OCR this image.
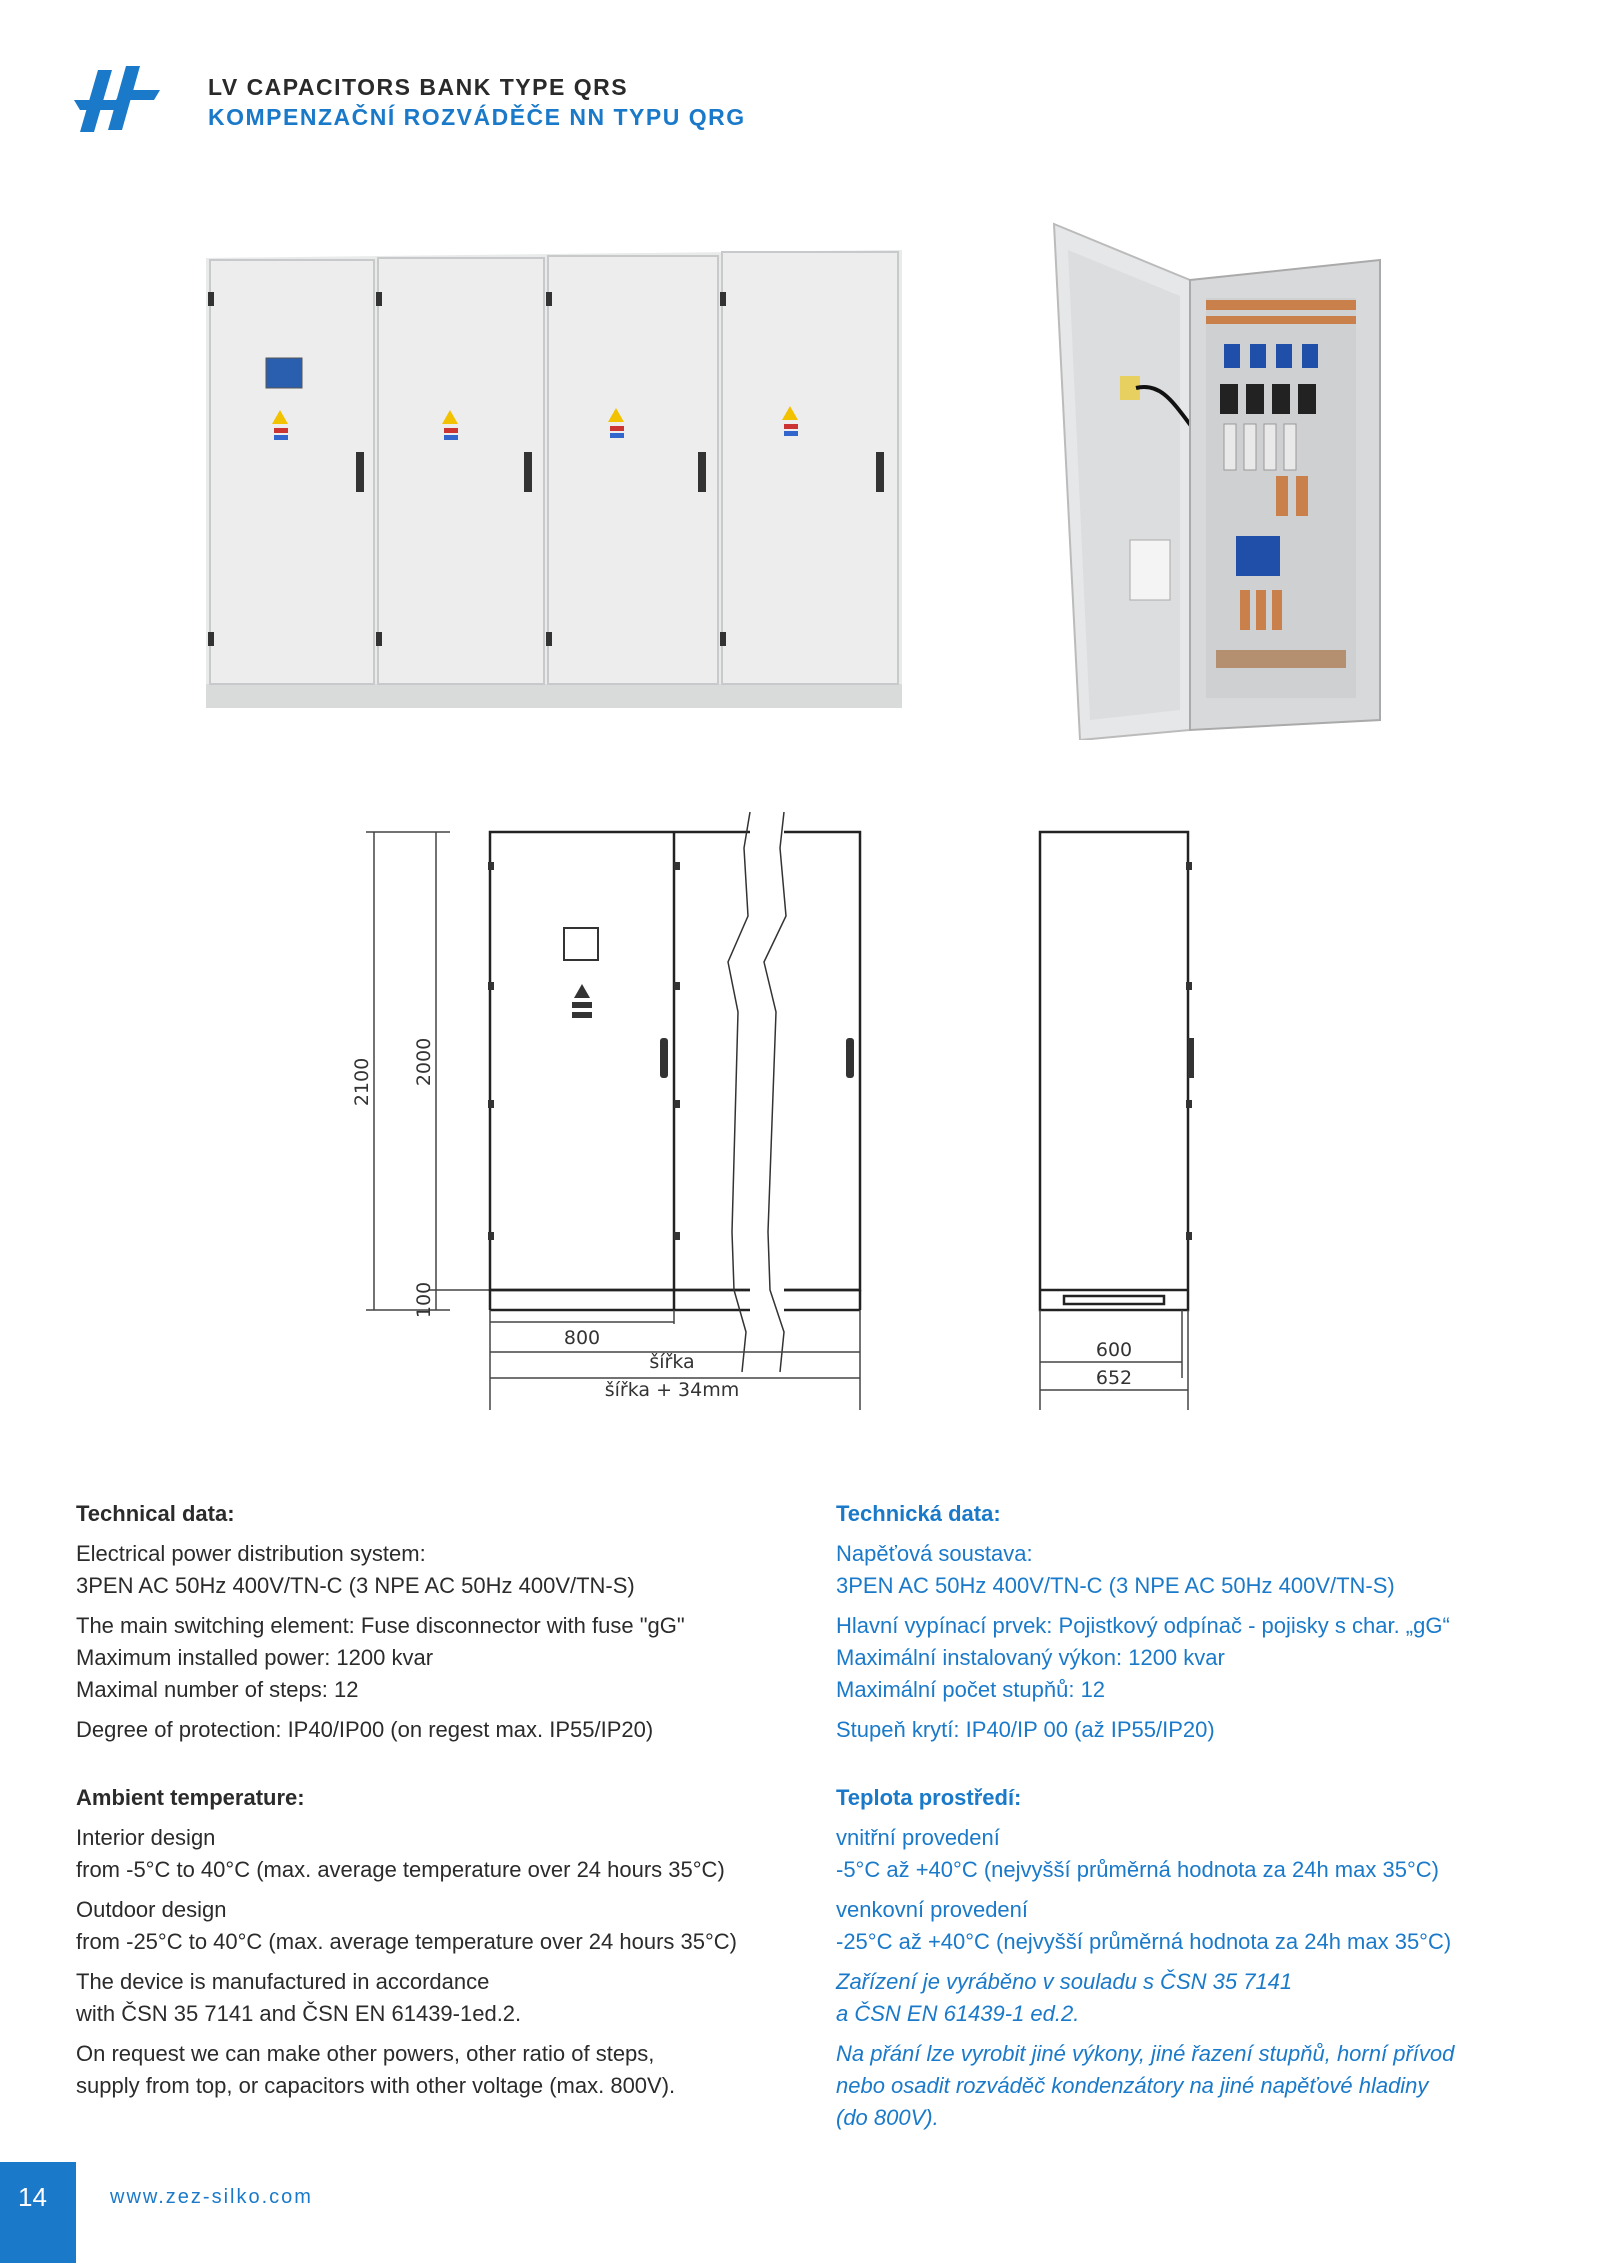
LV CAPACITORS BANK TYPE QRS
KOMPENZAČNÍ ROZVÁDĚČE NN TYPU QRG
2100 2000
100
800
šířka
šířka + 34mm
600
652
Technical data:

Electrical power distribution system:
3PEN AC 50Hz 400V/TN-C (3 NPE AC 50Hz 400V/TN-S)

The main switching element: Fuse disconnector with fuse "gG"
Maximum installed power: 1200 kvar
Maximal number of steps: 12

Degree of protection: IP40/IP00 (on regest max. IP55/IP20)

Ambient temperature:

Interior design
from -5°C to 40°C (max. average temperature over 24 hours 35°C)

Outdoor design
from -25°C to 40°C (max. average temperature over 24 hours 35°C)

The device is manufactured in accordance
with ČSN 35 7141 and ČSN EN 61439-1ed.2.

On request we can make other powers, other ratio of steps,
supply from top, or capacitors with other voltage (max. 800V).

Technická data:

Napěťová soustava:
3PEN AC 50Hz 400V/TN-C (3 NPE AC 50Hz 400V/TN-S)

Hlavní vypínací prvek: Pojistkový odpínač - pojisky s char. „gG“
Maximální instalovaný výkon: 1200 kvar
Maximální počet stupňů: 12

Stupeň krytí: IP40/IP 00 (až IP55/IP20)

Teplota prostředí:

vnitřní provedení
-5°C až +40°C (nejvyšší průměrná hodnota za 24h max 35°C)

venkovní provedení
-25°C až +40°C (nejvyšší průměrná hodnota za 24h max 35°C)

Zařízení je vyráběno v souladu s ČSN 35 7141
a ČSN EN 61439-1 ed.2.

Na přání lze vyrobit jiné výkony, jiné řazení stupňů, horní přívod
nebo osadit rozváděč kondenzátory na jiné napěťové hladiny
(do 800V).

14	www.zez-silko.com
